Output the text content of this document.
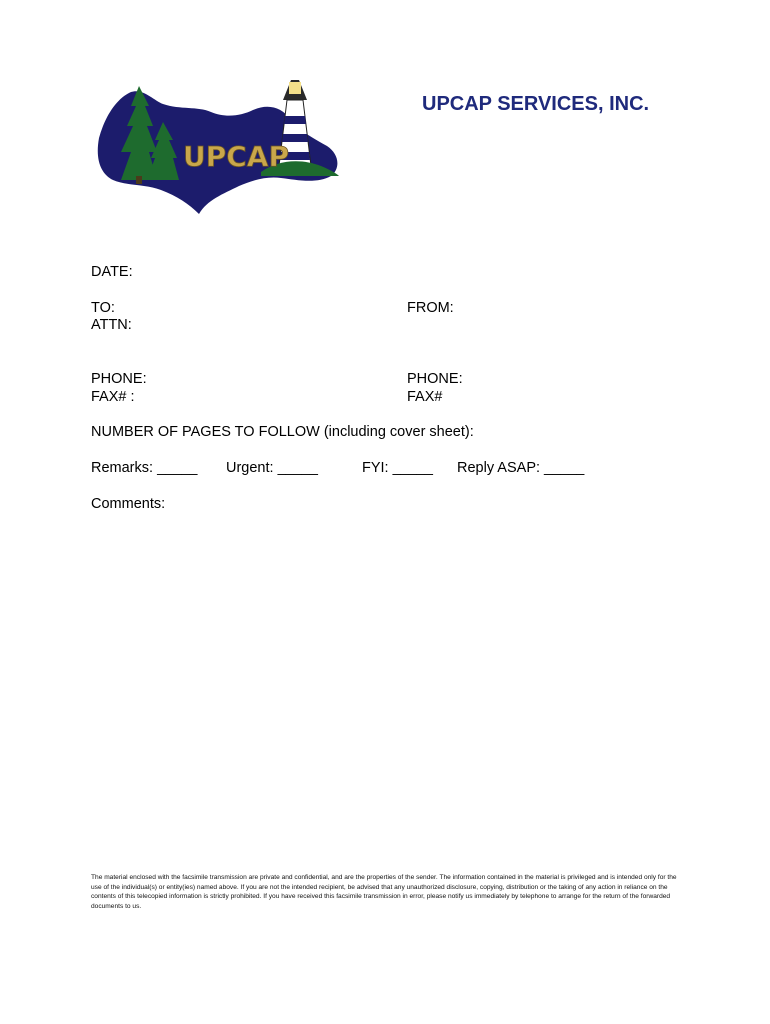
UPCAP
UPCAP SERVICES, INC.
DATE:
TO:	FROM:
ATTN:
PHONE:	PHONE:
FAX# :	FAX#
NUMBER OF PAGES TO FOLLOW (including cover sheet):
Remarks: _____ Urgent: _____	FYI: _____ Reply ASAP: _____
Comments:
The material enclosed with the facsimile transmission are private and confidential, and are the properties of the sender. The information contained in the material is privileged and is intended only for the use of the individual(s) or entity(ies) named above. If you are not the intended recipient, be advised that any unauthorized disclosure, copying, distribution or the taking of any action in reliance on the contents of this telecopied information is strictly prohibited. If you have received this facsimile transmission in error, please notify us immediately by telephone to arrange for the return of the forwarded documents to us.
